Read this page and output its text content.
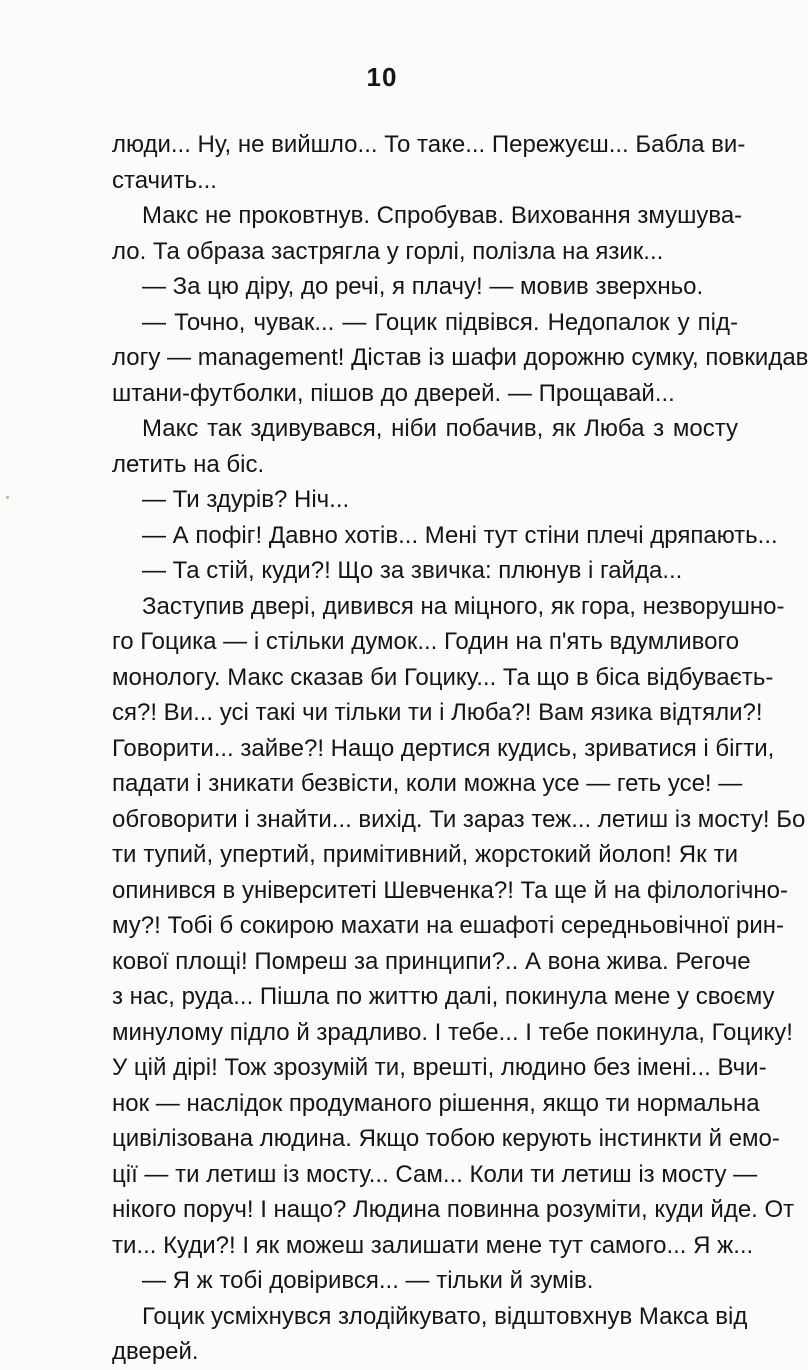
10
люди... Ну, не вийшло... То таке... Пережуєш... Бабла ви-
стачить...
Макс не проковтнув. Спробував. Виховання змушува-
ло. Та образа застрягла у горлі, полізла на язик...
— За цю діру, до речі, я плачу! — мовив зверхньо.
— Точно, чувак... — Гоцик підвівся. Недопалок у під-
логу — management! Дістав із шафи дорожню сумку, повкидав
штани-футболки, пішов до дверей. — Прощавай...
Макс так здивувався, ніби побачив, як Люба з мосту
летить на біс.
— Ти здурів? Ніч...
— А пофіг! Давно хотів... Мені тут стіни плечі дряпають...
— Та стій, куди?! Що за звичка: плюнув і гайда...
Заступив двері, дивився на міцного, як гора, незворушно-
го Гоцика — і стільки думок... Годин на п'ять вдумливого
монологу. Макс сказав би Гоцику... Та що в біса відбуваєть-
ся?! Ви... усі такі чи тільки ти і Люба?! Вам язика відтяли?!
Говорити... зайве?! Нащо дертися кудись, зриватися і бігти,
падати і зникати безвісти, коли можна усе — геть усе! —
обговорити і знайти... вихід. Ти зараз теж... летиш із мосту! Бо
ти тупий, упертий, примітивний, жорстокий йолоп! Як ти
опинився в університеті Шевченка?! Та ще й на філологічно-
му?! Тобі б сокирою махати на ешафоті середньовічної рин-
кової площі! Помреш за принципи?.. А вона жива. Регоче
з нас, руда... Пішла по життю далі, покинула мене у своєму
минулому підло й зрадливо. І тебе... І тебе покинула, Гоцику!
У цій дірі! Тож зрозумій ти, врешті, людино без імені... Вчи-
нок — наслідок продуманого рішення, якщо ти нормальна
цивілізована людина. Якщо тобою керують інстинкти й емо-
ції — ти летиш із мосту... Сам... Коли ти летиш із мосту —
нікого поруч! І нащо? Людина повинна розуміти, куди йде. От
ти... Куди?! І як можеш залишати мене тут самого... Я ж...
— Я ж тобі довірився... — тільки й зумів.
Гоцик усміхнувся злодійкувато, відштовхнув Макса від
дверей.
